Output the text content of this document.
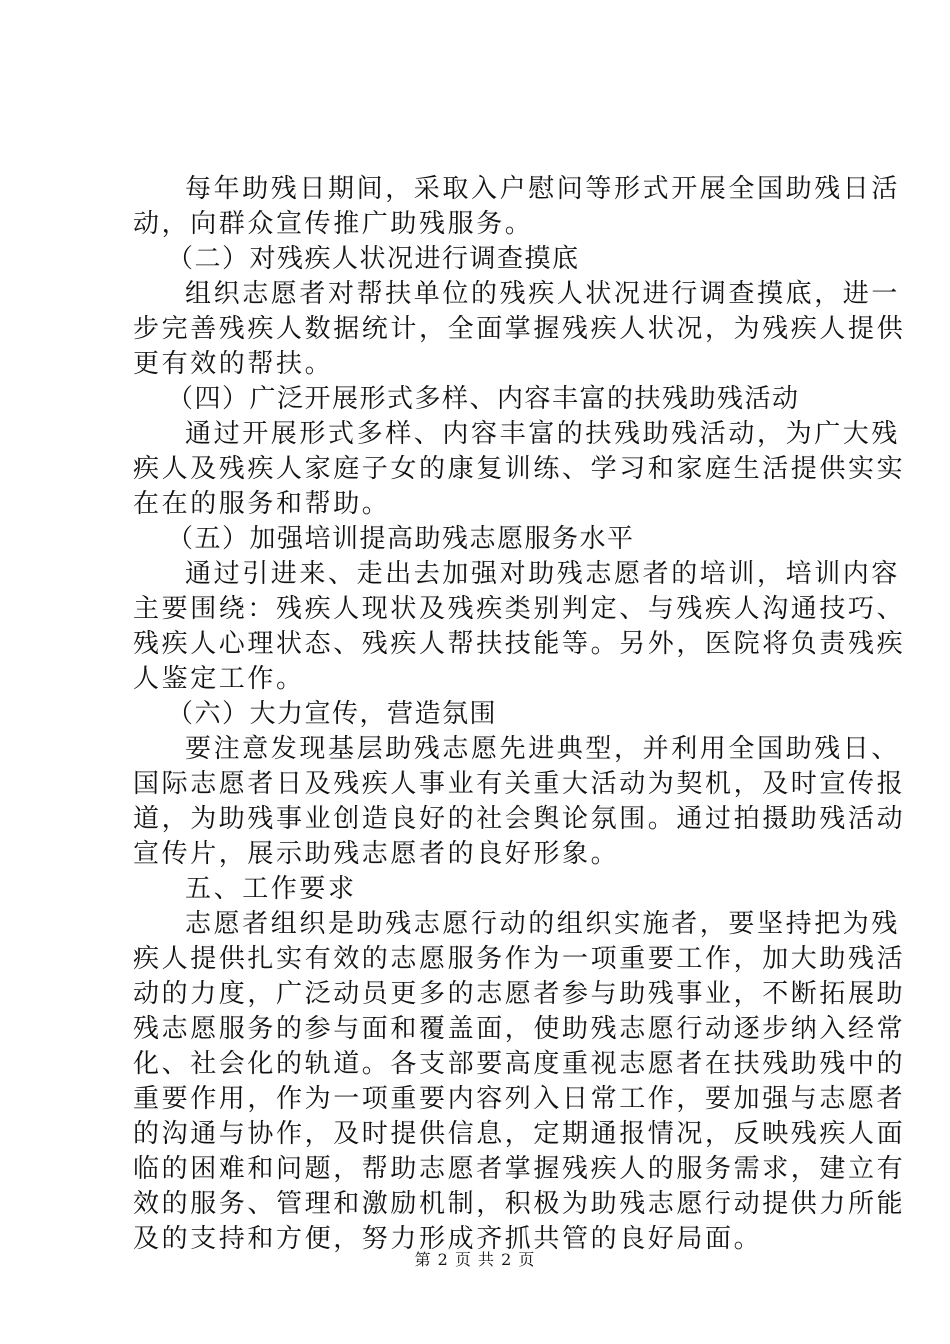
每年助残日期间，采取入户慰问等形式开展全国助残日活
动，向群众宣传推广助残服务。
（二）对残疾人状况进行调查摸底
组织志愿者对帮扶单位的残疾人状况进行调查摸底，进一
步完善残疾人数据统计，全面掌握残疾人状况，为残疾人提供
更有效的帮扶。
（四）广泛开展形式多样、内容丰富的扶残助残活动
通过开展形式多样、内容丰富的扶残助残活动，为广大残
疾人及残疾人家庭子女的康复训练、学习和家庭生活提供实实
在在的服务和帮助。
（五）加强培训提高助残志愿服务水平
通过引进来、走出去加强对助残志愿者的培训，培训内容
主要围绕：残疾人现状及残疾类别判定、与残疾人沟通技巧、
残疾人心理状态、残疾人帮扶技能等。另外，医院将负责残疾
人鉴定工作。
（六）大力宣传，营造氛围
要注意发现基层助残志愿先进典型，并利用全国助残日、
国际志愿者日及残疾人事业有关重大活动为契机，及时宣传报
道，为助残事业创造良好的社会舆论氛围。通过拍摄助残活动
宣传片，展示助残志愿者的良好形象。
五、工作要求
志愿者组织是助残志愿行动的组织实施者，要坚持把为残
疾人提供扎实有效的志愿服务作为一项重要工作，加大助残活
动的力度，广泛动员更多的志愿者参与助残事业，不断拓展助
残志愿服务的参与面和覆盖面，使助残志愿行动逐步纳入经常
化、社会化的轨道。各支部要高度重视志愿者在扶残助残中的
重要作用，作为一项重要内容列入日常工作，要加强与志愿者
的沟通与协作，及时提供信息，定期通报情况，反映残疾人面
临的困难和问题，帮助志愿者掌握残疾人的服务需求，建立有
效的服务、管理和激励机制，积极为助残志愿行动提供力所能
及的支持和方便，努力形成齐抓共管的良好局面。
第 2 页 共 2 页
